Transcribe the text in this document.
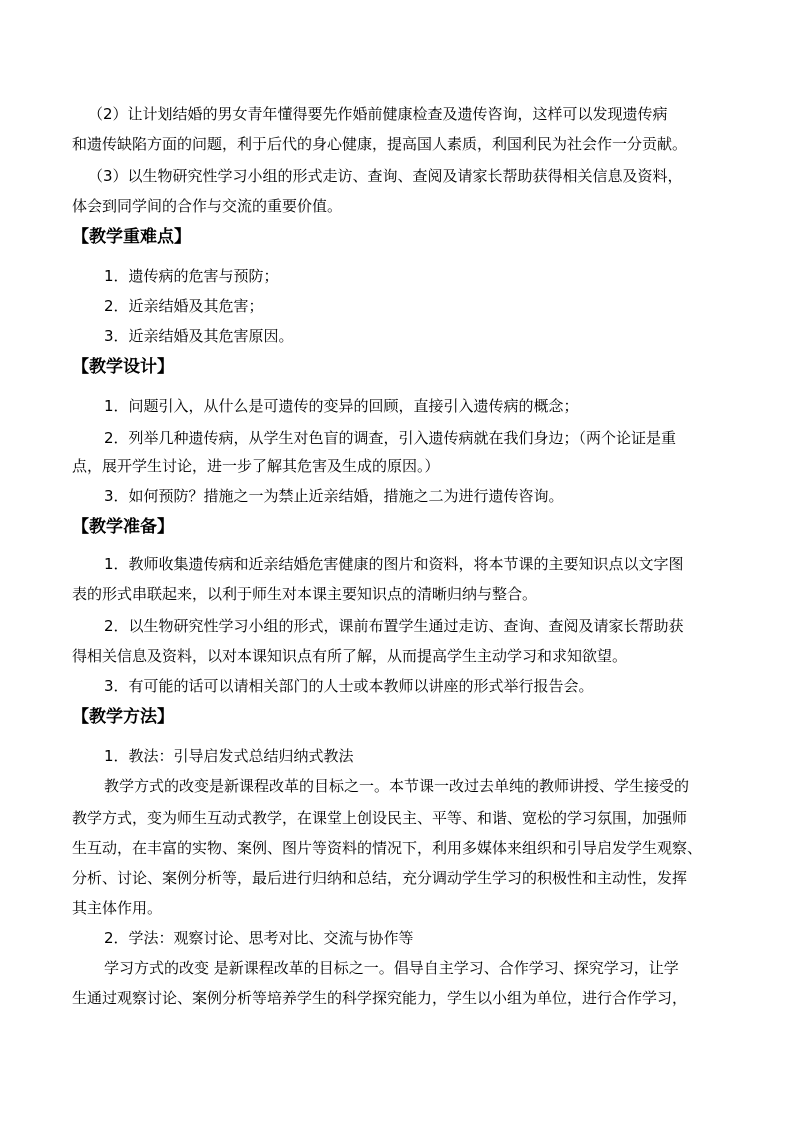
（2）让计划结婚的男女青年懂得要先作婚前健康检查及遗传咨询，这样可以发现遗传病
和遗传缺陷方面的问题，利于后代的身心健康，提高国人素质，利国利民为社会作一分贡献。
（3）以生物研究性学习小组的形式走访、查询、查阅及请家长帮助获得相关信息及资料，
体会到同学间的合作与交流的重要价值。
【教学重难点】
1．遗传病的危害与预防；
2．近亲结婚及其危害；
3．近亲结婚及其危害原因。
【教学设计】
1．问题引入，从什么是可遗传的变异的回顾，直接引入遗传病的概念；
2．列举几种遗传病，从学生对色盲的调查，引入遗传病就在我们身边；（两个论证是重
点，展开学生讨论，进一步了解其危害及生成的原因。）
3．如何预防？措施之一为禁止近亲结婚，措施之二为进行遗传咨询。
【教学准备】
1．教师收集遗传病和近亲结婚危害健康的图片和资料，将本节课的主要知识点以文字图
表的形式串联起来，以利于师生对本课主要知识点的清晰归纳与整合。
2．以生物研究性学习小组的形式，课前布置学生通过走访、查询、查阅及请家长帮助获
得相关信息及资料，以对本课知识点有所了解，从而提高学生主动学习和求知欲望。
3．有可能的话可以请相关部门的人士或本教师以讲座的形式举行报告会。
【教学方法】
1．教法：引导启发式总结归纳式教法
教学方式的改变是新课程改革的目标之一。本节课一改过去单纯的教师讲授、学生接受的
教学方式，变为师生互动式教学，在课堂上创设民主、平等、和谐、宽松的学习氛围，加强师
生互动，在丰富的实物、案例、图片等资料的情况下，利用多媒体来组织和引导启发学生观察、
分析、讨论、案例分析等，最后进行归纳和总结，充分调动学生学习的积极性和主动性，发挥
其主体作用。
2．学法：观察讨论、思考对比、交流与协作等
学习方式的改变 是新课程改革的目标之一。倡导自主学习、合作学习、探究学习，让学
生通过观察讨论、案例分析等培养学生的科学探究能力，学生以小组为单位，进行合作学习，
